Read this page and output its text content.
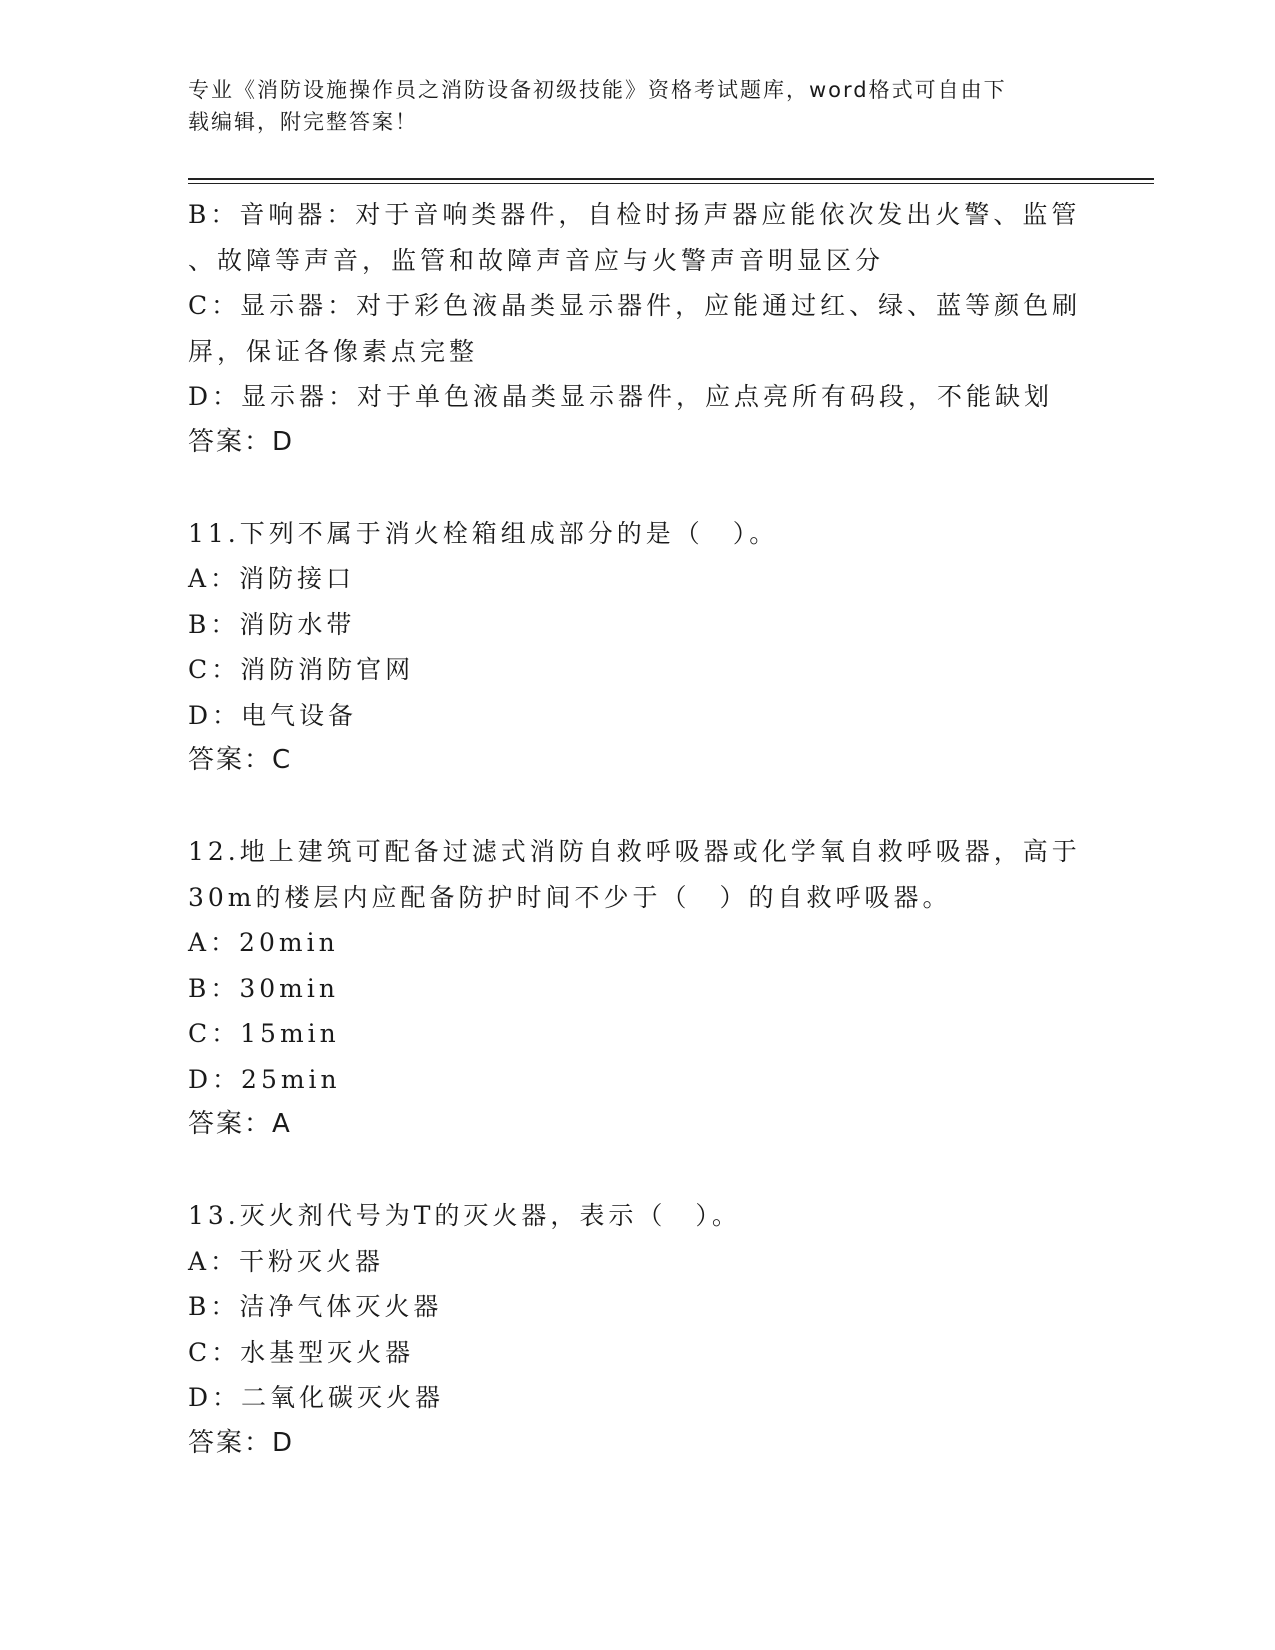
专业《消防设施操作员之消防设备初级技能》资格考试题库，word格式可自由下
载编辑，附完整答案！
B：音响器：对于音响类器件，自检时扬声器应能依次发出火警、监管
、故障等声音，监管和故障声音应与火警声音明显区分
C：显示器：对于彩色液晶类显示器件，应能通过红、绿、蓝等颜色刷
屏，保证各像素点完整
D：显示器：对于单色液晶类显示器件，应点亮所有码段，不能缺划
答案：D
11.下列不属于消火栓箱组成部分的是（　）。
A：消防接口
B：消防水带
C：消防消防官网
D：电气设备
答案：C
12.地上建筑可配备过滤式消防自救呼吸器或化学氧自救呼吸器，高于
30m的楼层内应配备防护时间不少于（　）的自救呼吸器。
A：20min
B：30min
C：15min
D：25min
答案：A
13.灭火剂代号为T的灭火器，表示（　）。
A：干粉灭火器
B：洁净气体灭火器
C：水基型灭火器
D：二氧化碳灭火器
答案：D
